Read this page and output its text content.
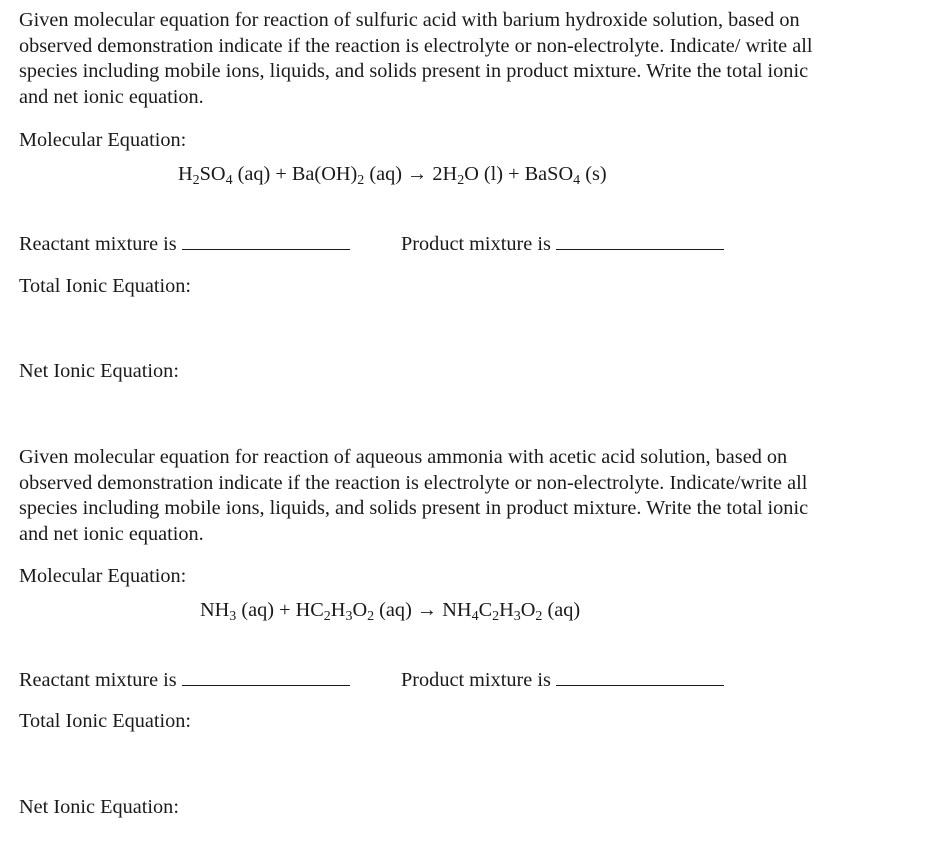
Given molecular equation for reaction of sulfuric acid with barium hydroxide solution, based on observed demonstration indicate if the reaction is electrolyte or non-electrolyte. Indicate/ write all species including mobile ions, liquids, and solids present in product mixture. Write the total ionic and net ionic equation.
Molecular Equation:
$H_2SO_4$ $(aq) + Ba(OH)_2$ $(aq) \to 2H_2O$ (l) + BaSO$_4$ (s)
Reactant mixture is	Product mixture is
Total Ionic Equation:
Net Ionic Equation:
Given molecular equation for reaction of aqueous ammonia with acetic acid solution, based on observed demonstration indicate if the reaction is electrolyte or non-electrolyte. Indicate/write all species including mobile ions, liquids, and solids present in product mixture. Write the total ionic and net ionic equation.
Molecular Equation:
$NH_3$ $(aq) + HC_2H_3O_2$ $(aq) \to NH_4C_2H_3O_2$ (aq)
Reactant mixture is	Product mixture is
Total Ionic Equation:
Net Ionic Equation:
